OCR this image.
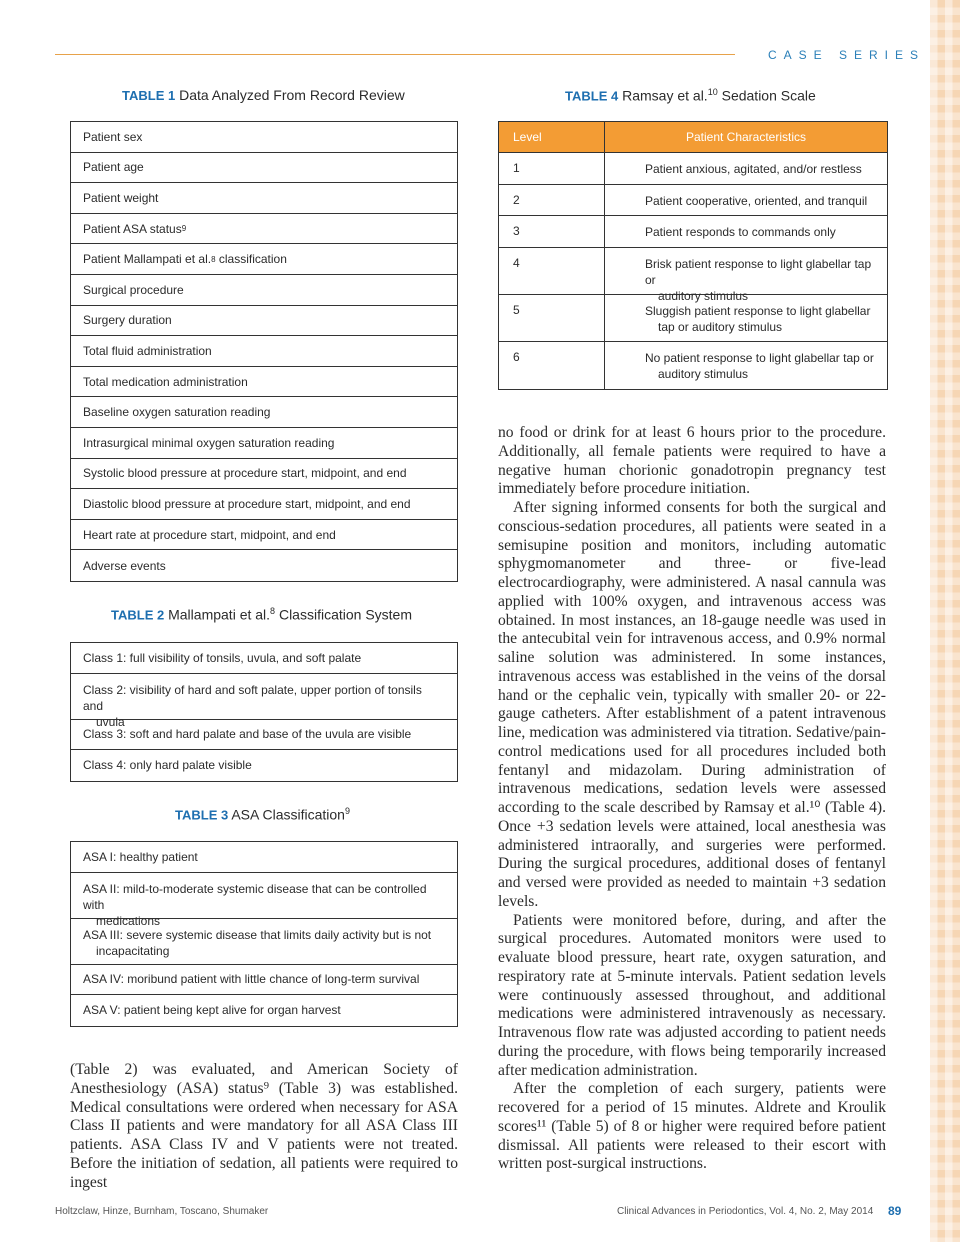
CASE SERIES
TABLE 1 Data Analyzed From Record Review
Patient sex
Patient age
Patient weight
Patient ASA status 9
Patient Mallampati et al. 8 classification
Surgical procedure
Surgery duration
Total fluid administration
Total medication administration
Baseline oxygen saturation reading
Intrasurgical minimal oxygen saturation reading
Systolic blood pressure at procedure start, midpoint, and end
Diastolic blood pressure at procedure start, midpoint, and end
Heart rate at procedure start, midpoint, and end
Adverse events
TABLE 2 Mallampati et al.$^8$ Classification System
Class 1: full visibility of tonsils, uvula, and soft palate
Class 2: visibility of hard and soft palate, upper portion of tonsils and
uvula
Class 3: soft and hard palate and base of the uvula are visible
Class 4: only hard palate visible
TABLE 3 ASA Classification$^9$
ASA I: healthy patient
ASA II: mild-to-moderate systemic disease that can be controlled with
medications
ASA III: severe systemic disease that limits daily activity but is not
incapacitating
ASA IV: moribund patient with little chance of long-term survival
ASA V: patient being kept alive for organ harvest
TABLE 4 Ramsay et al.$^{10}$ Sedation Scale
Level	Patient Characteristics
1	Patient anxious, agitated, and/or restless
2	Patient cooperative, oriented, and tranquil
3	Patient responds to commands only
4	Brisk patient response to light glabellar tap or
auditory stimulus
5	Sluggish patient response to light glabellar
tap or auditory stimulus
6	No patient response to light glabellar tap or
auditory stimulus

(Table 2) was evaluated, and American Society of Anesthesiology (ASA) status⁹ (Table 3) was established. Medical consultations were ordered when necessary for ASA Class II patients and were mandatory for all ASA Class III patients. ASA Class IV and V patients were not treated. Before the initiation of sedation, all patients were required to ingest

no food or drink for at least 6 hours prior to the procedure. Additionally, all female patients were required to have a negative human chorionic gonadotropin pregnancy test immediately before procedure initiation.

After signing informed consents for both the surgical and conscious-sedation procedures, all patients were seated in a semisupine position and monitors, including automatic sphygmomanometer and three- or five-lead electrocardiography, were administered. A nasal cannula was applied with 100% oxygen, and intravenous access was obtained. In most instances, an 18-gauge needle was used in the antecubital vein for intravenous access, and 0.9% normal saline solution was administered. In some instances, intravenous access was established in the veins of the dorsal hand or the cephalic vein, typically with smaller 20- or 22-gauge catheters. After establishment of a patent intravenous line, medication was administered via titration. Sedative/pain-control medications used for all procedures included both fentanyl and midazolam. During administration of intravenous medications, sedation levels were assessed according to the scale described by Ramsay et al.¹⁰ (Table 4). Once +3 sedation levels were attained, local anesthesia was administered intraorally, and surgeries were performed. During the surgical procedures, additional doses of fentanyl and versed were provided as needed to maintain +3 sedation levels.

Patients were monitored before, during, and after the surgical procedures. Automated monitors were used to evaluate blood pressure, heart rate, oxygen saturation, and respiratory rate at 5-minute intervals. Patient sedation levels were continuously assessed throughout, and additional medications were administered intravenously as necessary. Intravenous flow rate was adjusted according to patient needs during the procedure, with flows being temporarily increased after medication administration.

After the completion of each surgery, patients were recovered for a period of 15 minutes. Aldrete and Kroulik scores¹¹ (Table 5) of 8 or higher were required before patient dismissal. All patients were released to their escort with written post-surgical instructions.

Holtzclaw, Hinze, Burnham, Toscano, Shumaker	Clinical Advances in Periodontics, Vol. 4, No. 2, May 2014 89
